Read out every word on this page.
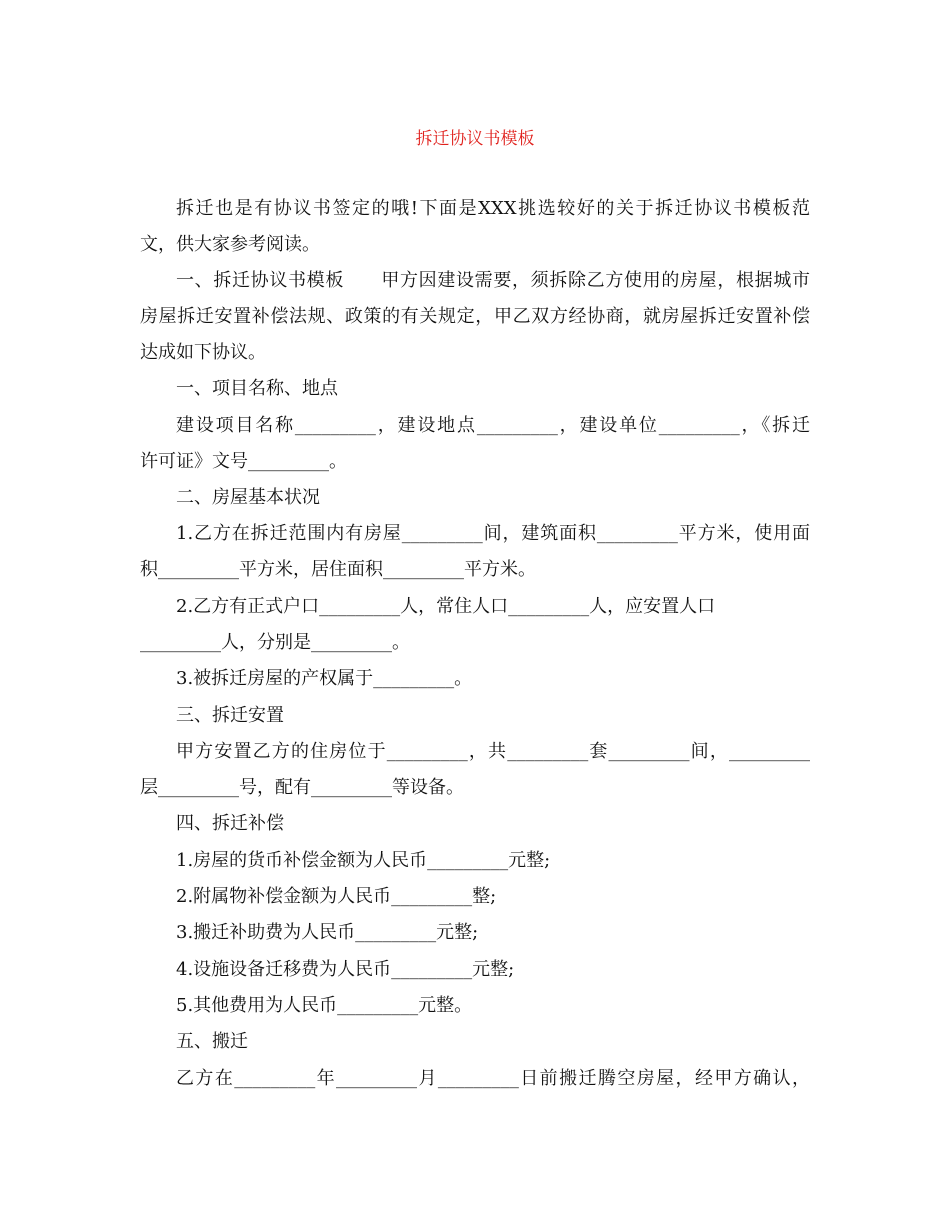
拆迁协议书模板
拆迁也是有协议书签定的哦!下面是XXX挑选较好的关于拆迁协议书模板范
文，供大家参考阅读。
一、拆迁协议书模板　　甲方因建设需要，须拆除乙方使用的房屋，根据城市
房屋拆迁安置补偿法规、政策的有关规定，甲乙双方经协商，就房屋拆迁安置补偿
达成如下协议。
一、项目名称、地点
建设项目名称_________，建设地点_________，建设单位_________，《拆迁
许可证》文号_________。
二、房屋基本状况
1.乙方在拆迁范围内有房屋_________间，建筑面积_________平方米，使用面
积_________平方米，居住面积_________平方米。
2.乙方有正式户口_________人，常住人口_________人，应安置人口
_________人，分别是_________。
3.被拆迁房屋的产权属于_________。
三、拆迁安置
甲方安置乙方的住房位于_________，共_________套_________间，_________
层_________号，配有_________等设备。
四、拆迁补偿
1.房屋的货币补偿金额为人民币_________元整;
2.附属物补偿金额为人民币_________整;
3.搬迁补助费为人民币_________元整;
4.设施设备迁移费为人民币_________元整;
5.其他费用为人民币_________元整。
五、搬迁
乙方在_________年_________月_________日前搬迁腾空房屋，经甲方确认，
